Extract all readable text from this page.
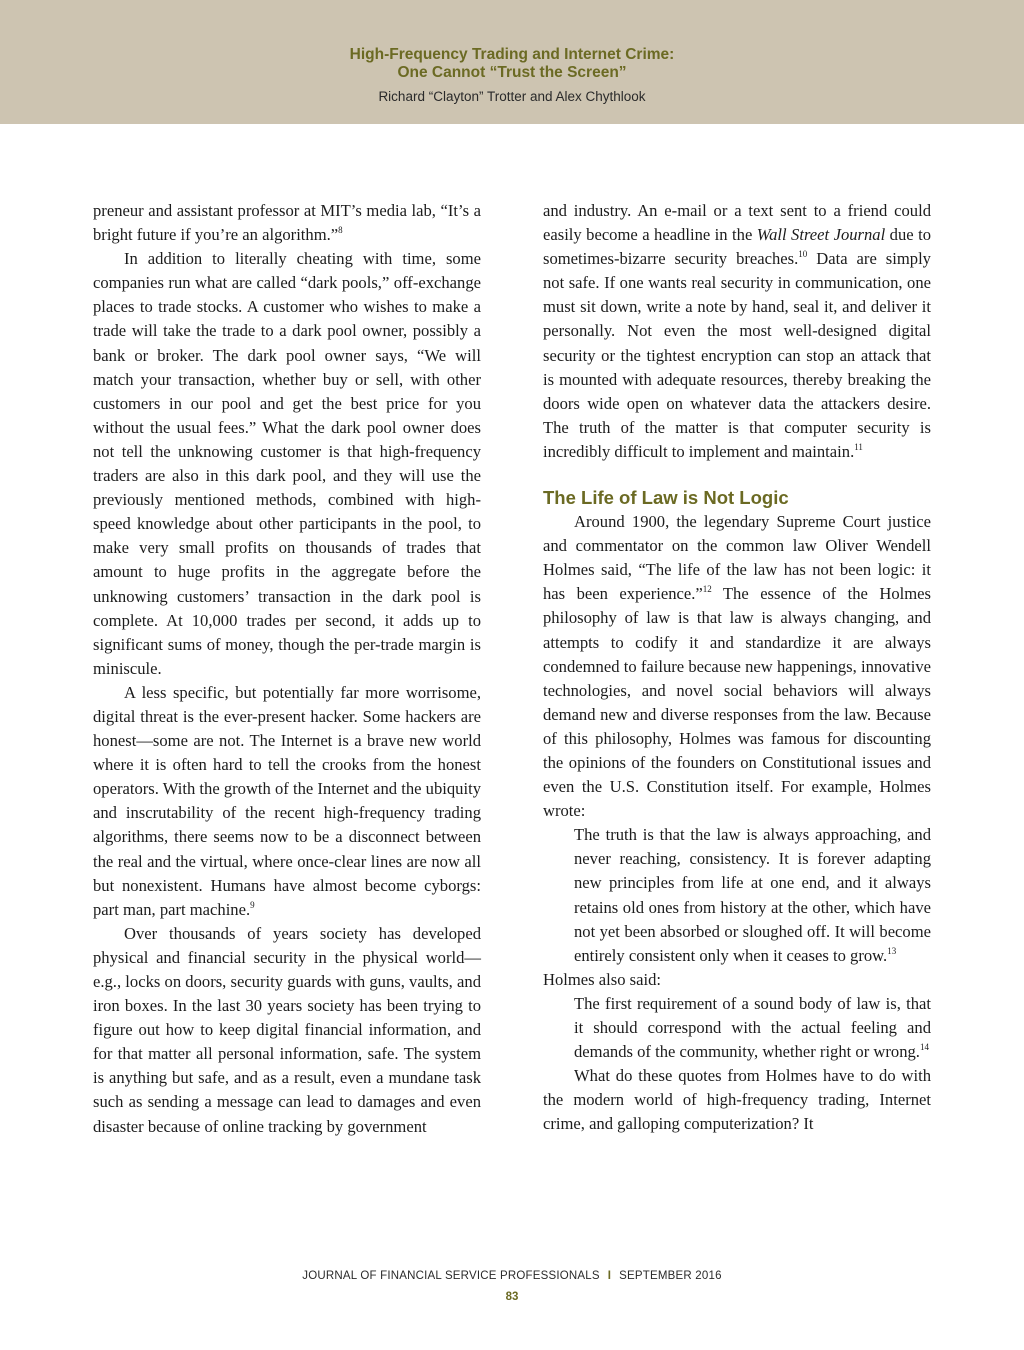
High-Frequency Trading and Internet Crime:
One Cannot “Trust the Screen”
Richard “Clayton” Trotter and Alex Chythlook

preneur and assistant professor at MIT’s media lab, “It’s a bright future if you’re an algorithm.”$^8$

In addition to literally cheating with time, some companies run what are called “dark pools,” off-exchange places to trade stocks. A customer who wishes to make a trade will take the trade to a dark pool owner, possibly a bank or broker. The dark pool owner says, “We will match your transaction, whether buy or sell, with other customers in our pool and get the best price for you without the usual fees.” What the dark pool owner does not tell the unknowing customer is that high-frequency traders are also in this dark pool, and they will use the previously mentioned methods, combined with high-speed knowledge about other participants in the pool, to make very small profits on thousands of trades that amount to huge profits in the aggregate before the unknowing customers’ transaction in the dark pool is complete. At 10,000 trades per second, it adds up to significant sums of money, though the per-trade margin is miniscule.

A less specific, but potentially far more worrisome, digital threat is the ever-present hacker. Some hackers are honest—some are not. The Internet is a brave new world where it is often hard to tell the crooks from the honest operators. With the growth of the Internet and the ubiquity and inscrutability of the recent high-frequency trading algorithms, there seems now to be a disconnect between the real and the virtual, where once-clear lines are now all but nonexistent. Humans have almost become cyborgs: part man, part machine.$^9$

Over thousands of years society has developed physical and financial security in the physical world—e.g., locks on doors, security guards with guns, vaults, and iron boxes. In the last 30 years society has been trying to figure out how to keep digital financial information, and for that matter all personal information, safe. The system is anything but safe, and as a result, even a mundane task such as sending a message can lead to damages and even disaster because of online tracking by government

and industry. An e-mail or a text sent to a friend could easily become a headline in the Wall Street Journal due to sometimes-bizarre security breaches.$^{10}$ Data are simply not safe. If one wants real security in communication, one must sit down, write a note by hand, seal it, and deliver it personally. Not even the most well-designed digital security or the tightest encryption can stop an attack that is mounted with adequate resources, thereby breaking the doors wide open on whatever data the attackers desire. The truth of the matter is that computer security is incredibly difficult to implement and maintain.$^{11}$

The Life of Law is Not Logic

Around 1900, the legendary Supreme Court justice and commentator on the common law Oliver Wendell Holmes said, “The life of the law has not been logic: it has been experience.”$^{12}$ The essence of the Holmes philosophy of law is that law is always changing, and attempts to codify it and standardize it are always condemned to failure because new happenings, innovative technologies, and novel social behaviors will always demand new and diverse responses from the law. Because of this philosophy, Holmes was famous for discounting the opinions of the founders on Constitutional issues and even the U.S. Constitution itself. For example, Holmes wrote:

The truth is that the law is always approaching, and never reaching, consistency. It is forever adapting new principles from life at one end, and it always retains old ones from history at the other, which have not yet been absorbed or sloughed off. It will become entirely consistent only when it ceases to grow.$^{13}$

Holmes also said:

The first requirement of a sound body of law is, that it should correspond with the actual feeling and demands of the community, whether right or wrong.$^{14}$

What do these quotes from Holmes have to do with the modern world of high-frequency trading, Internet crime, and galloping computerization? It

JOURNAL OF FINANCIAL SERVICE PROFESSIONALS I SEPTEMBER 2016
83
